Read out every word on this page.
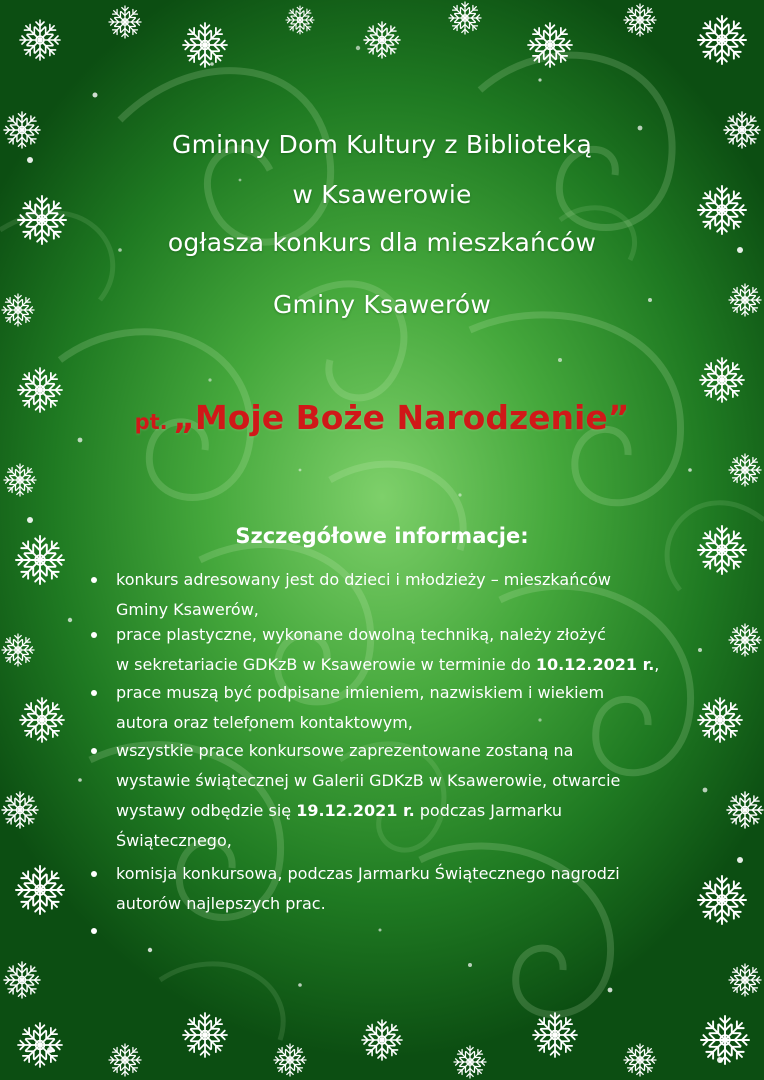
Gminny Dom Kultury z Biblioteką
w Ksawerowie
ogłasza konkurs dla mieszkańców
Gminy Ksawerów
pt. „Moje Boże Narodzenie”
Szczegółowe informacje:
konkurs adresowany jest do dzieci i młodzieży – mieszkańców
Gminy Ksawerów,
prace plastyczne, wykonane dowolną techniką, należy złożyć
w sekretariacie GDKzB w Ksawerowie w terminie do 10.12.2021 r.,
prace muszą być podpisane imieniem, nazwiskiem i wiekiem
autora oraz telefonem kontaktowym,
wszystkie prace konkursowe zaprezentowane zostaną na
wystawie świątecznej w Galerii GDKzB w Ksawerowie, otwarcie
wystawy odbędzie się 19.12.2021 r. podczas Jarmarku
Świątecznego,
komisja konkursowa, podczas Jarmarku Świątecznego nagrodzi
autorów najlepszych prac.
